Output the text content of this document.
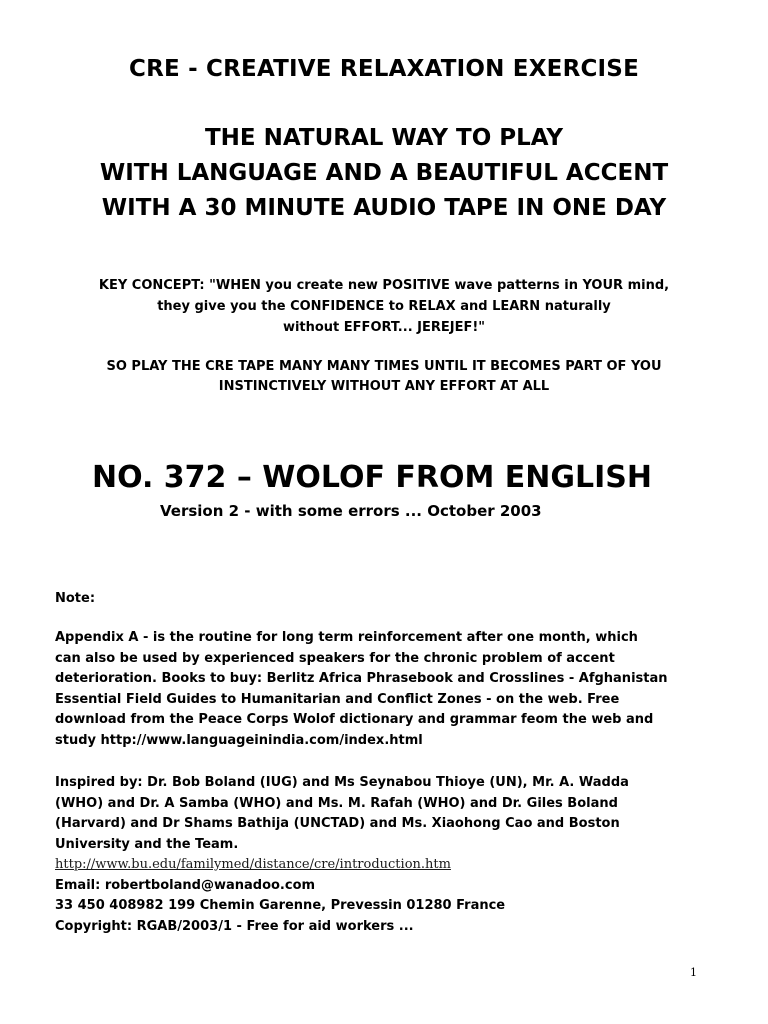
CRE - CREATIVE RELAXATION EXERCISE
THE NATURAL WAY TO PLAY
WITH LANGUAGE AND A BEAUTIFUL ACCENT
WITH A 30 MINUTE AUDIO TAPE IN ONE DAY
KEY CONCEPT: "WHEN you create new POSITIVE wave patterns in YOUR mind,
they give you the CONFIDENCE to RELAX and LEARN naturally
without EFFORT... JEREJEF!"
SO PLAY THE CRE TAPE MANY MANY TIMES UNTIL IT BECOMES PART OF YOU
INSTINCTIVELY WITHOUT ANY EFFORT AT ALL
NO. 372 – WOLOF FROM ENGLISH
Version 2 - with some errors ... October 2003
Note:
Appendix A - is the routine for long term reinforcement after one month, which
can also be used by experienced speakers for the chronic problem of accent
deterioration. Books to buy: Berlitz Africa Phrasebook and Crosslines - Afghanistan
Essential Field Guides to Humanitarian and Conflict Zones - on the web. Free
download from the Peace Corps Wolof dictionary and grammar feom the web and
study http://www.languageinindia.com/index.html
Inspired by: Dr. Bob Boland (IUG) and Ms Seynabou Thioye (UN), Mr. A. Wadda
(WHO) and Dr. A Samba (WHO) and Ms. M. Rafah (WHO) and Dr. Giles Boland
(Harvard) and Dr Shams Bathija (UNCTAD) and Ms. Xiaohong Cao and Boston
University and the Team.
http://www.bu.edu/familymed/distance/cre/introduction.htm
Email: robertboland@wanadoo.com
33 450 408982 199 Chemin Garenne, Prevessin 01280 France
Copyright: RGAB/2003/1 - Free for aid workers ...
1
